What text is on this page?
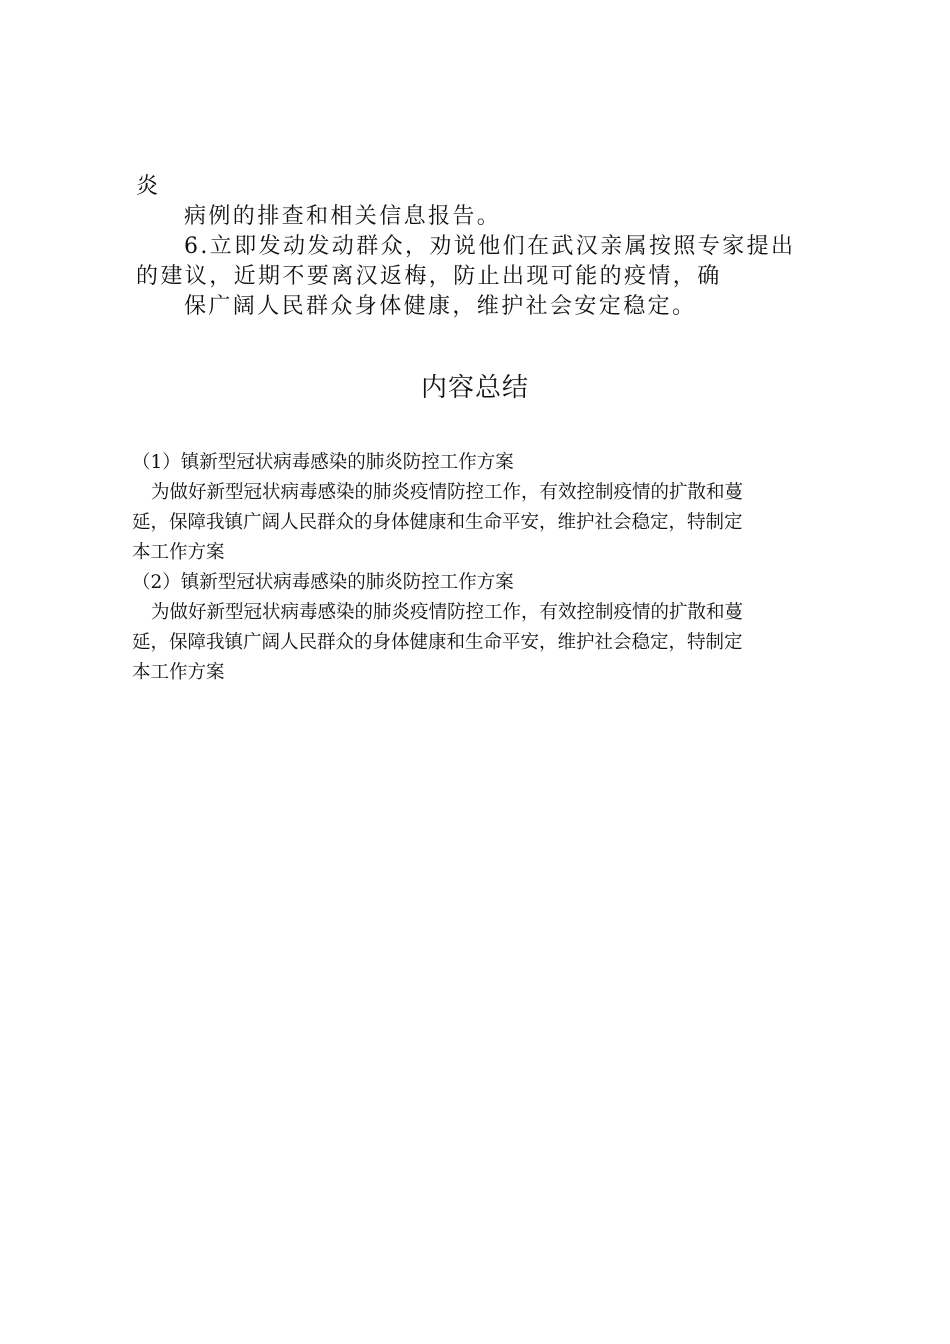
炎

病例的排查和相关信息报告。

6.立即发动发动群众，劝说他们在武汉亲属按照专家提出

的建议，近期不要离汉返梅，防止出现可能的疫情，确

保广阔人民群众身体健康，维护社会安定稳定。

内容总结

（1）镇新型冠状病毒感染的肺炎防控工作方案

为做好新型冠状病毒感染的肺炎疫情防控工作，有效控制疫情的扩散和蔓

延，保障我镇广阔人民群众的身体健康和生命平安，维护社会稳定，特制定

本工作方案

（2）镇新型冠状病毒感染的肺炎防控工作方案

为做好新型冠状病毒感染的肺炎疫情防控工作，有效控制疫情的扩散和蔓

延，保障我镇广阔人民群众的身体健康和生命平安，维护社会稳定，特制定

本工作方案
